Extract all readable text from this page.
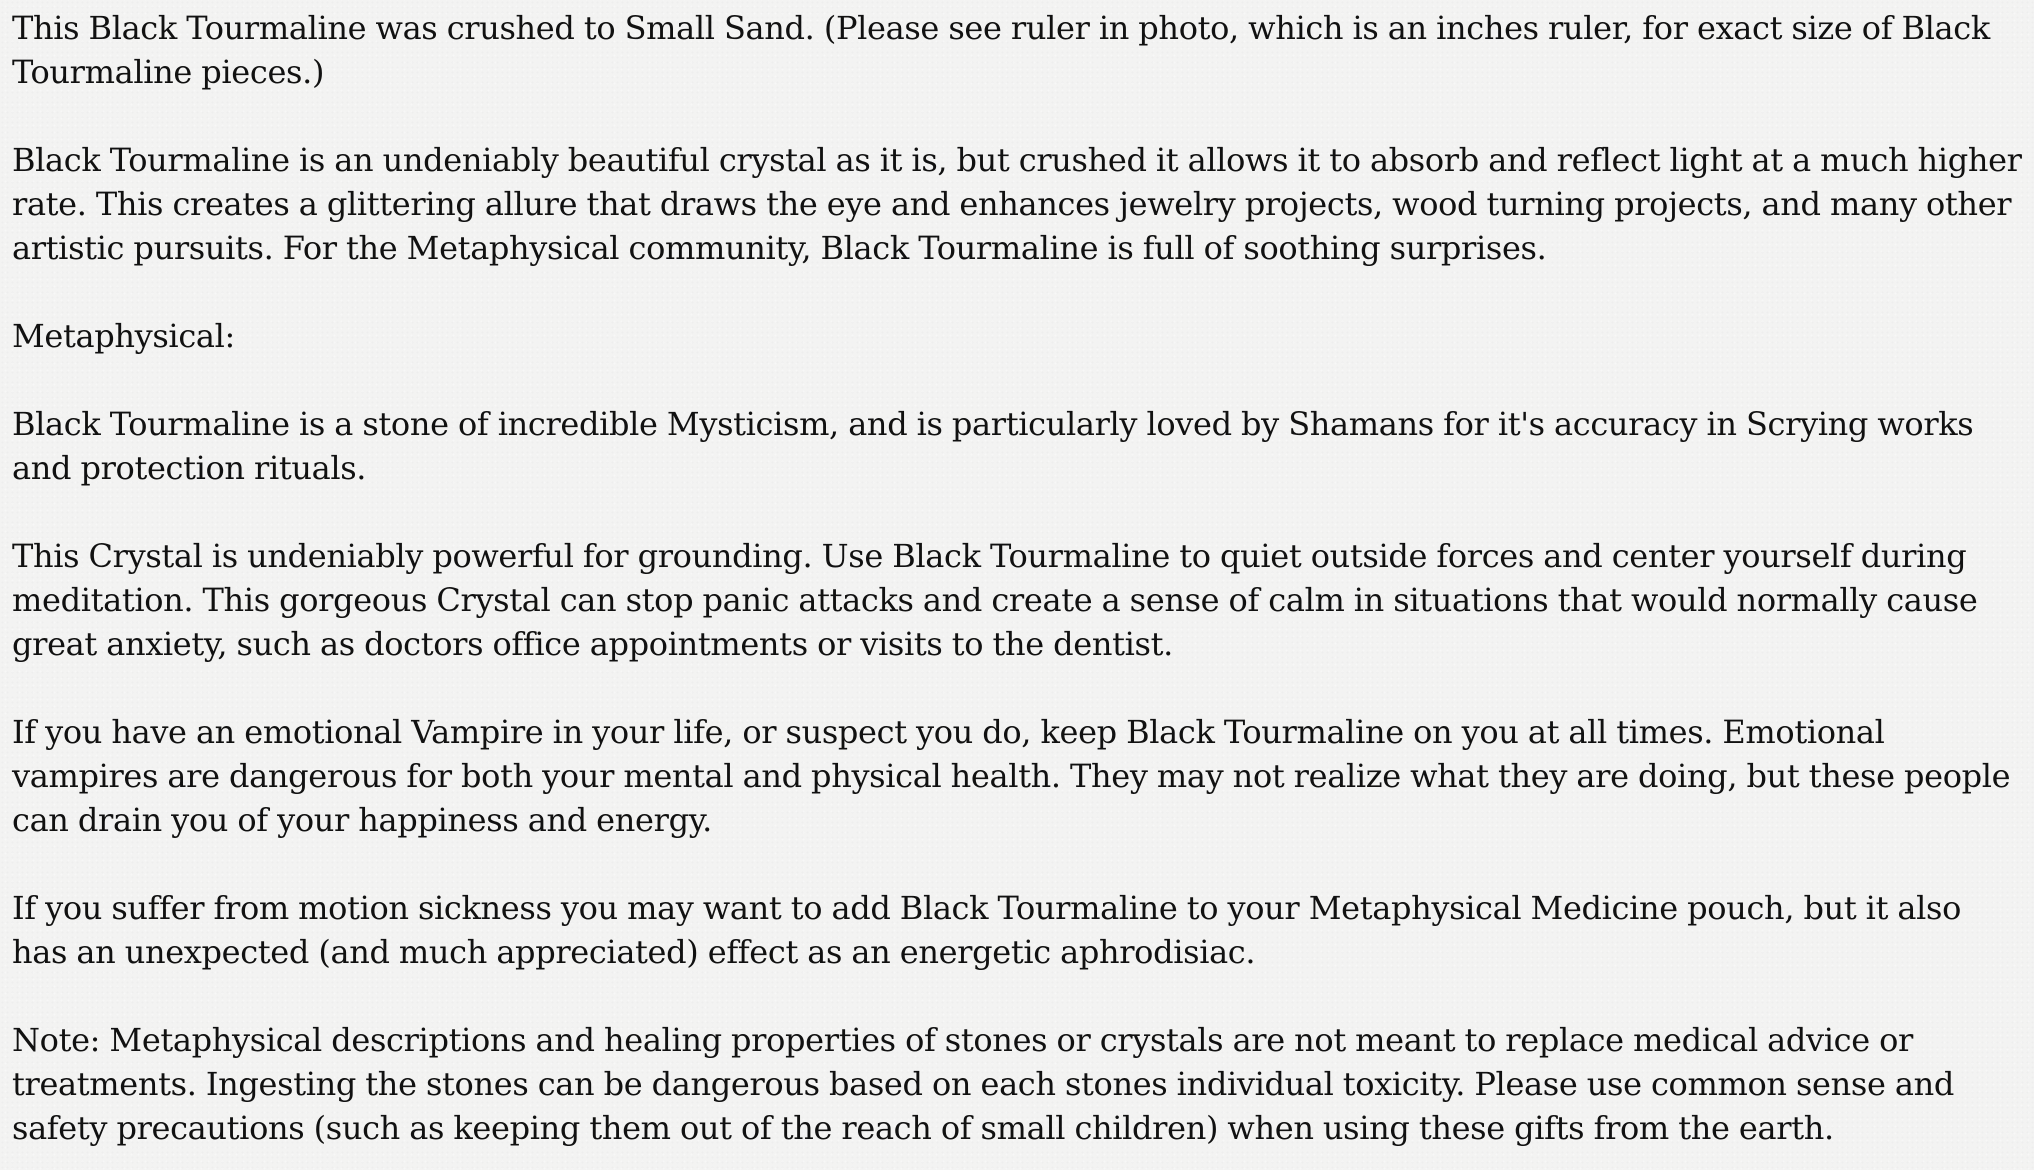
This Black Tourmaline was crushed to Small Sand. (Please see ruler in photo, which is an inches ruler, for exact size of Black Tourmaline pieces.)

Black Tourmaline is an undeniably beautiful crystal as it is, but crushed it allows it to absorb and reflect light at a much higher rate. This creates a glittering allure that draws the eye and enhances jewelry projects, wood turning projects, and many other artistic pursuits. For the Metaphysical community, Black Tourmaline is full of soothing surprises.

Metaphysical:

Black Tourmaline is a stone of incredible Mysticism, and is particularly loved by Shamans for it's accuracy in Scrying works and protection rituals.

This Crystal is undeniably powerful for grounding. Use Black Tourmaline to quiet outside forces and center yourself during meditation. This gorgeous Crystal can stop panic attacks and create a sense of calm in situations that would normally cause great anxiety, such as doctors office appointments or visits to the dentist.

If you have an emotional Vampire in your life, or suspect you do, keep Black Tourmaline on you at all times. Emotional vampires are dangerous for both your mental and physical health. They may not realize what they are doing, but these people can drain you of your happiness and energy.

If you suffer from motion sickness you may want to add Black Tourmaline to your Metaphysical Medicine pouch, but it also has an unexpected (and much appreciated) effect as an energetic aphrodisiac.

Note: Metaphysical descriptions and healing properties of stones or crystals are not meant to replace medical advice or treatments. Ingesting the stones can be dangerous based on each stones individual toxicity. Please use common sense and safety precautions (such as keeping them out of the reach of small children) when using these gifts from the earth.
